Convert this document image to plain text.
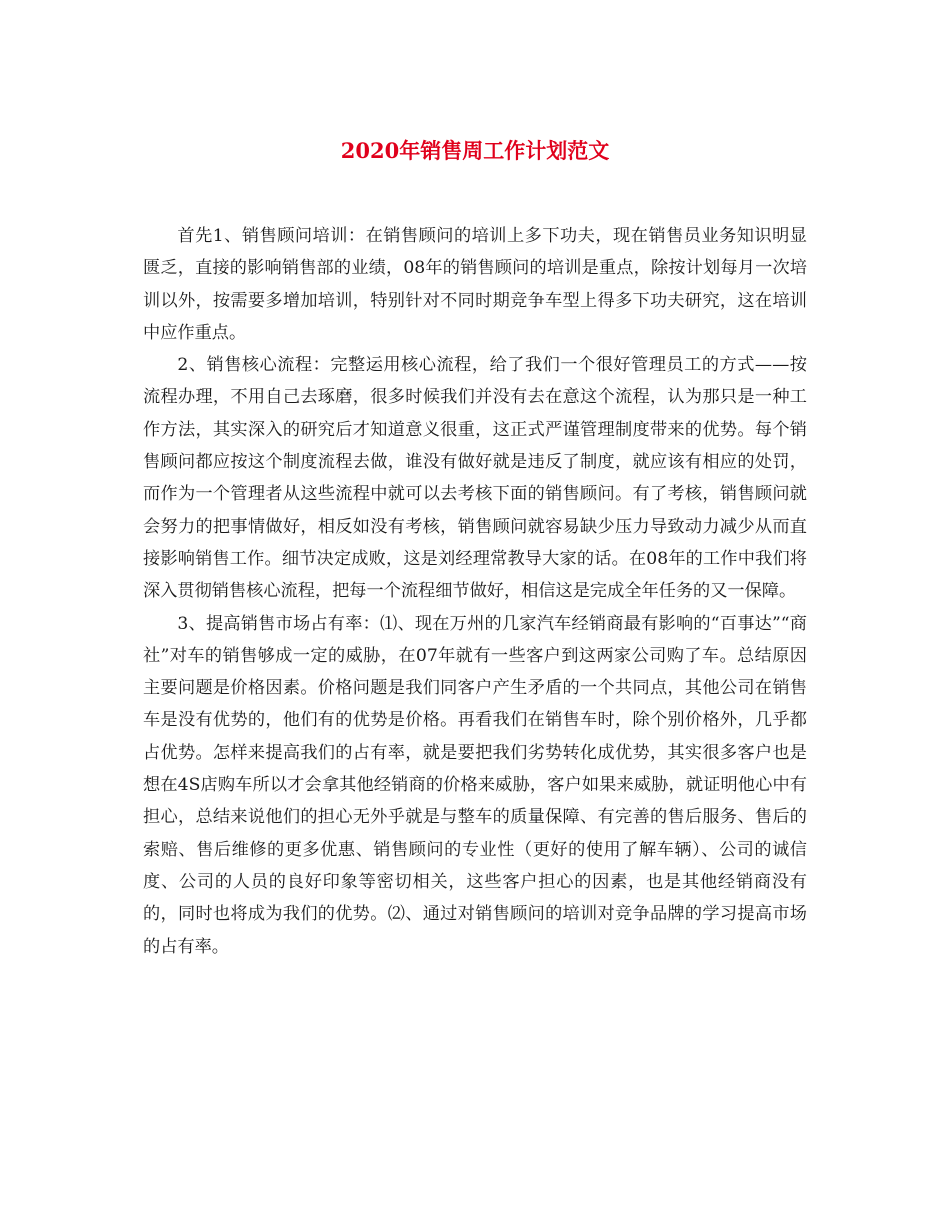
2020年销售周工作计划范文

首先1、销售顾问培训：在销售顾问的培训上多下功夫，现在销售员业务知识明显匮乏，直接的影响销售部的业绩，08年的销售顾问的培训是重点，除按计划每月一次培训以外，按需要多增加培训，特别针对不同时期竞争车型上得多下功夫研究，这在培训中应作重点。

2、销售核心流程：完整运用核心流程，给了我们一个很好管理员工的方式——按流程办理，不用自己去琢磨，很多时候我们并没有去在意这个流程，认为那只是一种工作方法，其实深入的研究后才知道意义很重，这正式严谨管理制度带来的优势。每个销售顾问都应按这个制度流程去做，谁没有做好就是违反了制度，就应该有相应的处罚，而作为一个管理者从这些流程中就可以去考核下面的销售顾问。有了考核，销售顾问就会努力的把事情做好，相反如没有考核，销售顾问就容易缺少压力导致动力减少从而直接影响销售工作。细节决定成败，这是刘经理常教导大家的话。在08年的工作中我们将深入贯彻销售核心流程，把每一个流程细节做好，相信这是完成全年任务的又一保障。

3、提高销售市场占有率：⑴、现在万州的几家汽车经销商最有影响的“百事达”“商社”对车的销售够成一定的威胁，在07年就有一些客户到这两家公司购了车。总结原因主要问题是价格因素。价格问题是我们同客户产生矛盾的一个共同点，其他公司在销售车是没有优势的，他们有的优势是价格。再看我们在销售车时，除个别价格外，几乎都占优势。怎样来提高我们的占有率，就是要把我们劣势转化成优势，其实很多客户也是想在4S店购车所以才会拿其他经销商的价格来威胁，客户如果来威胁，就证明他心中有担心，总结来说他们的担心无外乎就是与整车的质量保障、有完善的售后服务、售后的索赔、售后维修的更多优惠、销售顾问的专业性（更好的使用了解车辆）、公司的诚信度、公司的人员的良好印象等密切相关，这些客户担心的因素，也是其他经销商没有的，同时也将成为我们的优势。⑵、通过对销售顾问的培训对竞争品牌的学习提高市场的占有率。
